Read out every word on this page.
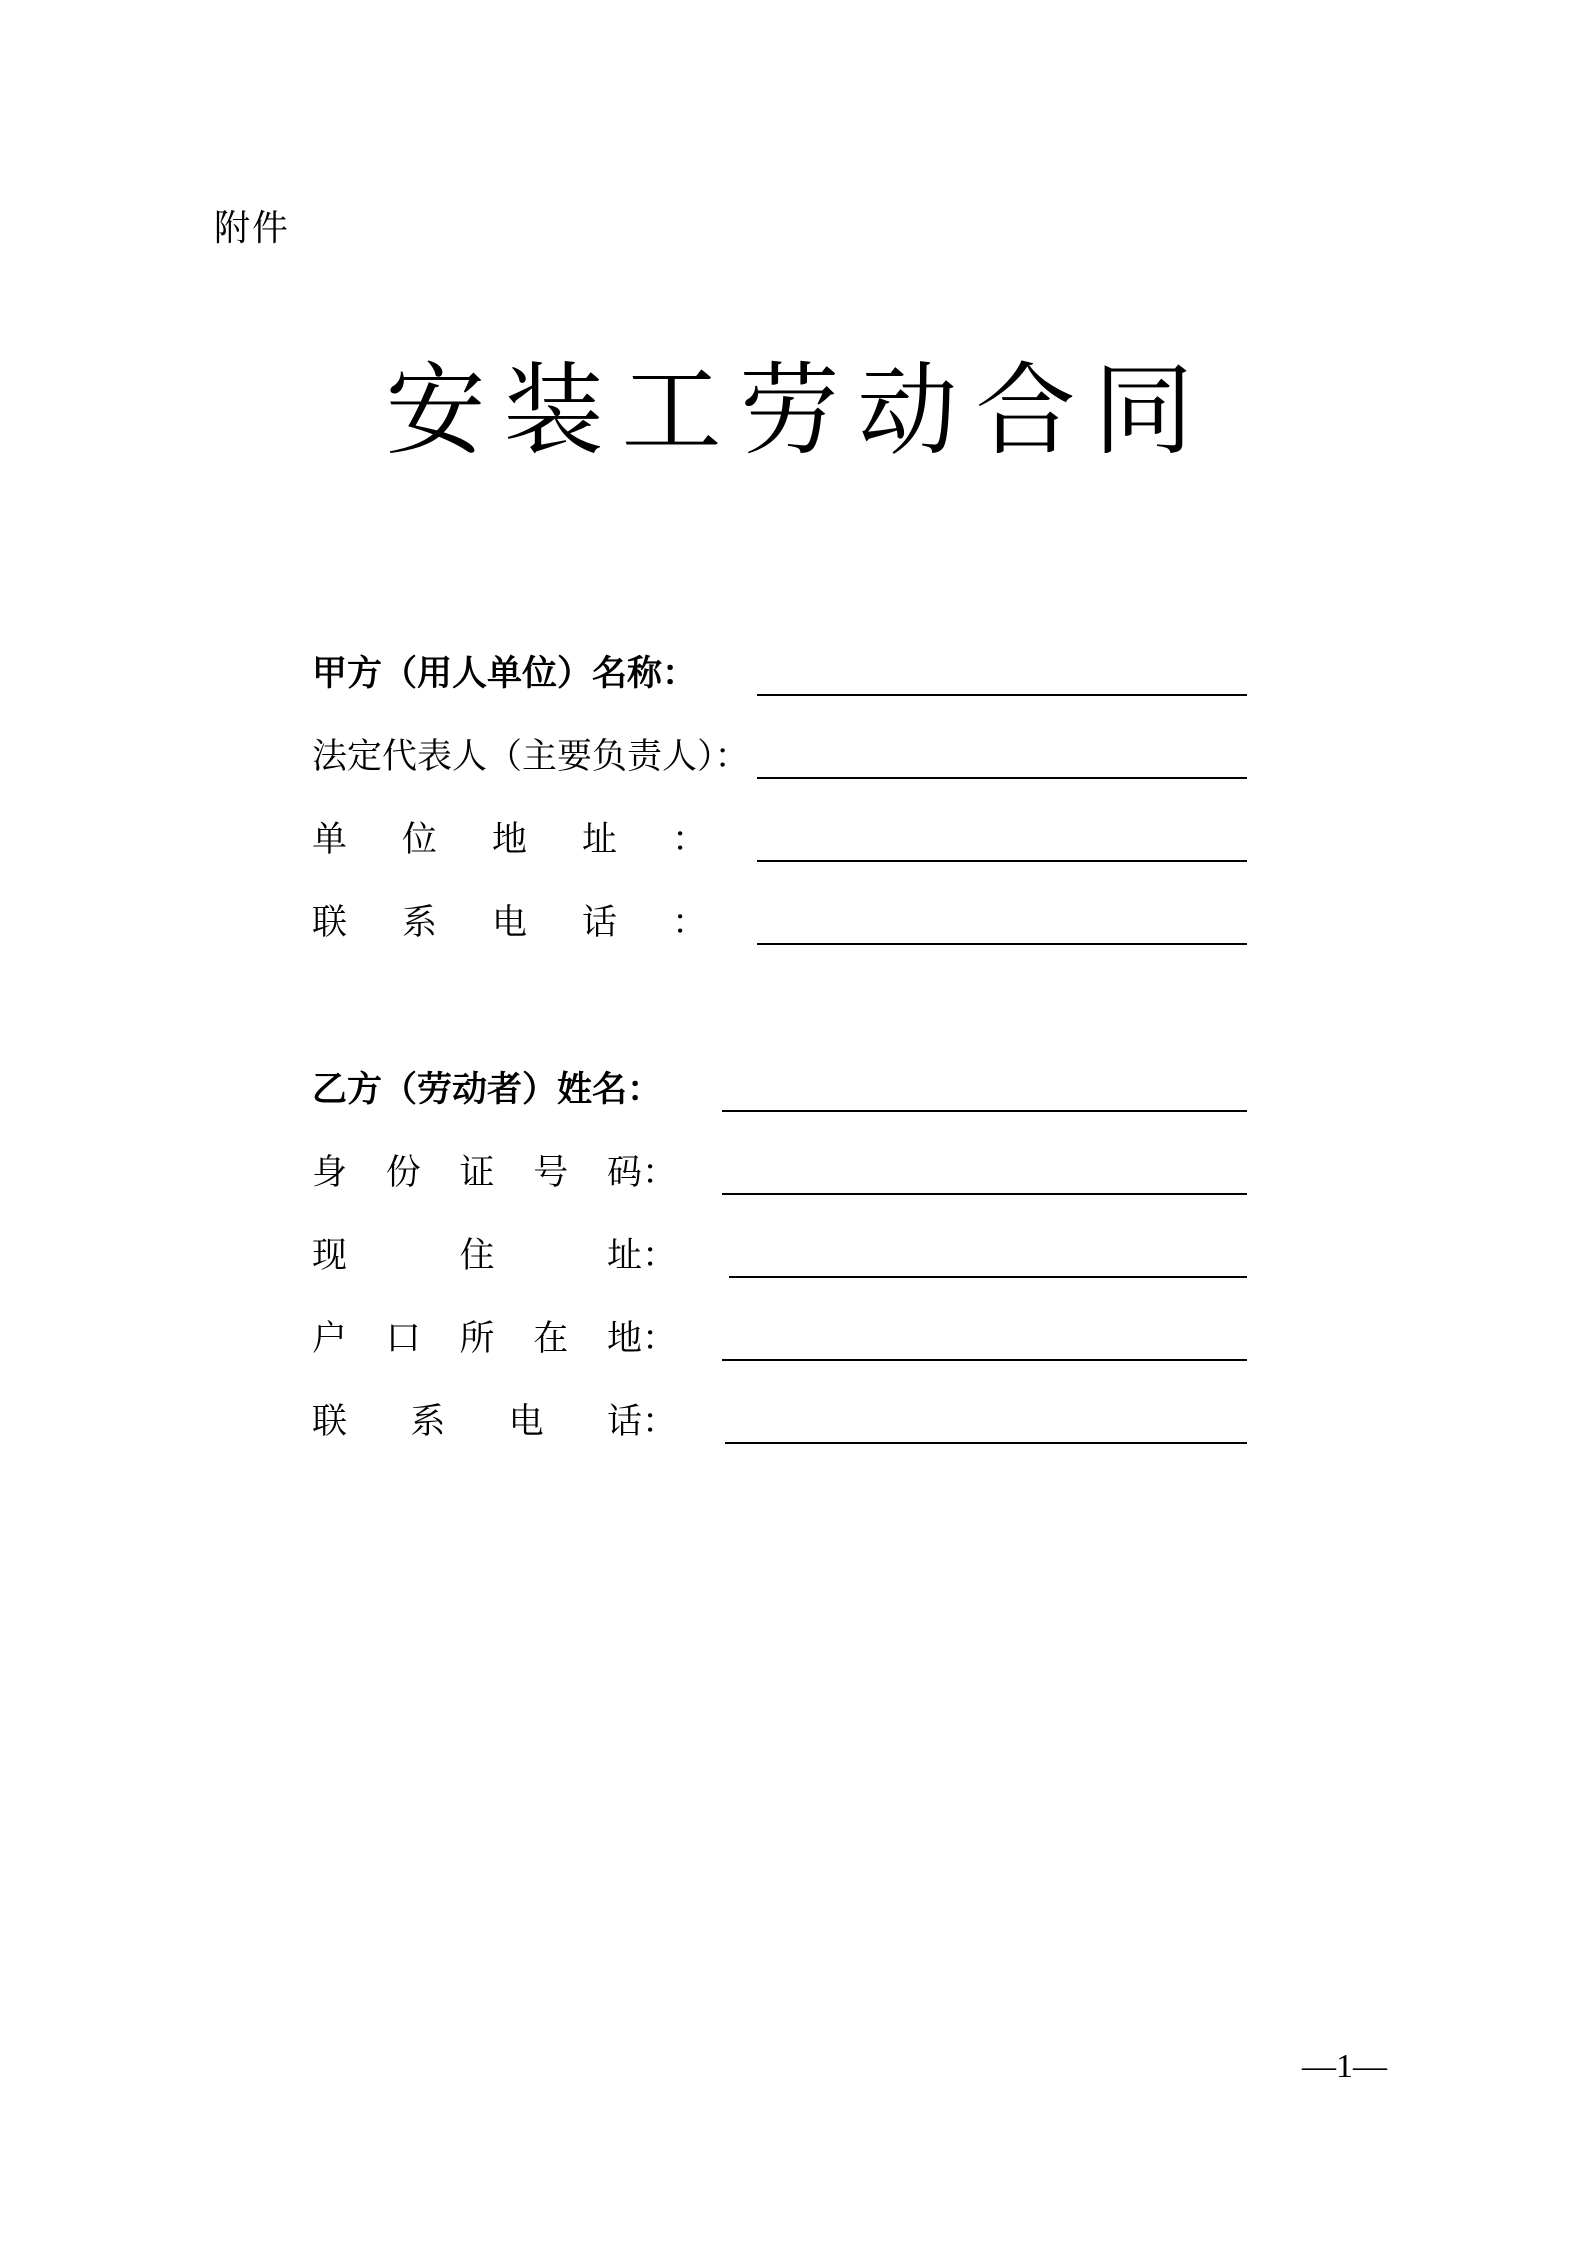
附件
安装工劳动合同
甲方（用人单位）名称：
法定代表人（主要负责人）：
单 位 地 址 ：
联 系 电 话 ：
乙方（劳动者）姓名：
身 份 证 号 码：
现	住	址：
户 口 所 在 地：
联 系 电 话：
—1—
